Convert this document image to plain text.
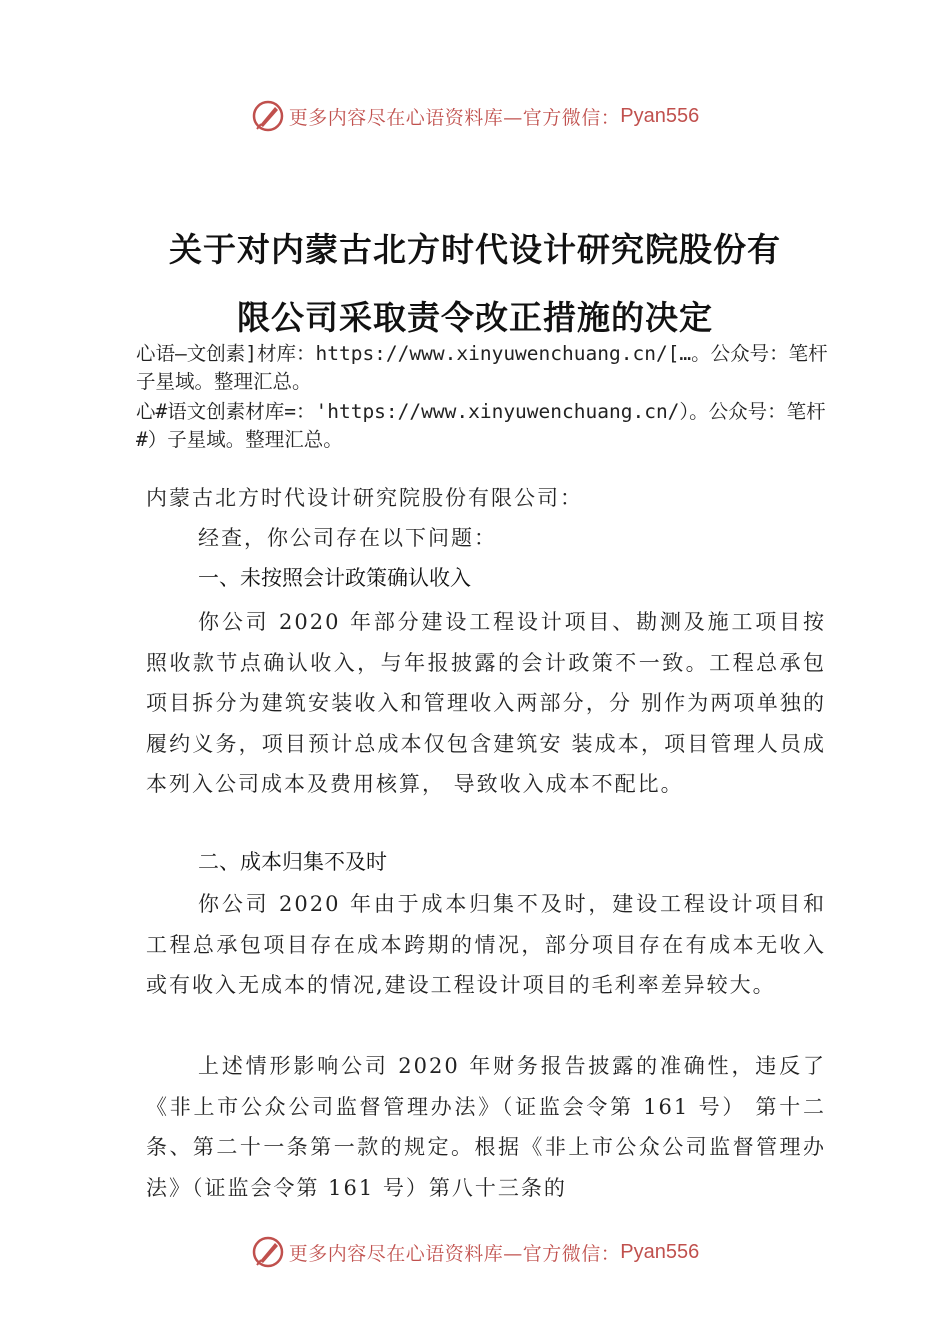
更多内容尽在心语资料库—官方微信： Pyan556
关于对内蒙古北方时代设计研究院股份有
限公司采取责令改正措施的决定

心语—文创素]材库：https://www.xinyuwenchuang.cn/[…。公众号：笔杆子星域。整理汇总。

心#语文创素材库=：'https://www.xinyuwenchuang.cn/）。公众号：笔杆#）子星域。整理汇总。

内蒙古北方时代设计研究院股份有限公司：

经查，你公司存在以下问题：

一、未按照会计政策确认收入

你公司 2020 年部分建设工程设计项目、勘测及施工项目按照收款节点确认收入，与年报披露的会计政策不一致。工程总承包项目拆分为建筑安装收入和管理收入两部分，分 别作为两项单独的履约义务，项目预计总成本仅包含建筑安 装成本，项目管理人员成本列入公司成本及费用核算， 导致收入成本不配比。

二、成本归集不及时

你公司 2020 年由于成本归集不及时，建设工程设计项目和工程总承包项目存在成本跨期的情况，部分项目存在有成本无收入或有收入无成本的情况,建设工程设计项目的毛利率差异较大。

上述情形影响公司 2020 年财务报告披露的准确性，违反了《非上市公众公司监督管理办法》（证监会令第 161 号） 第十二条、第二十一条第一款的规定。根据《非上市公众公司监督管理办法》（证监会令第 161 号）第八十三条的

更多内容尽在心语资料库—官方微信： Pyan556
